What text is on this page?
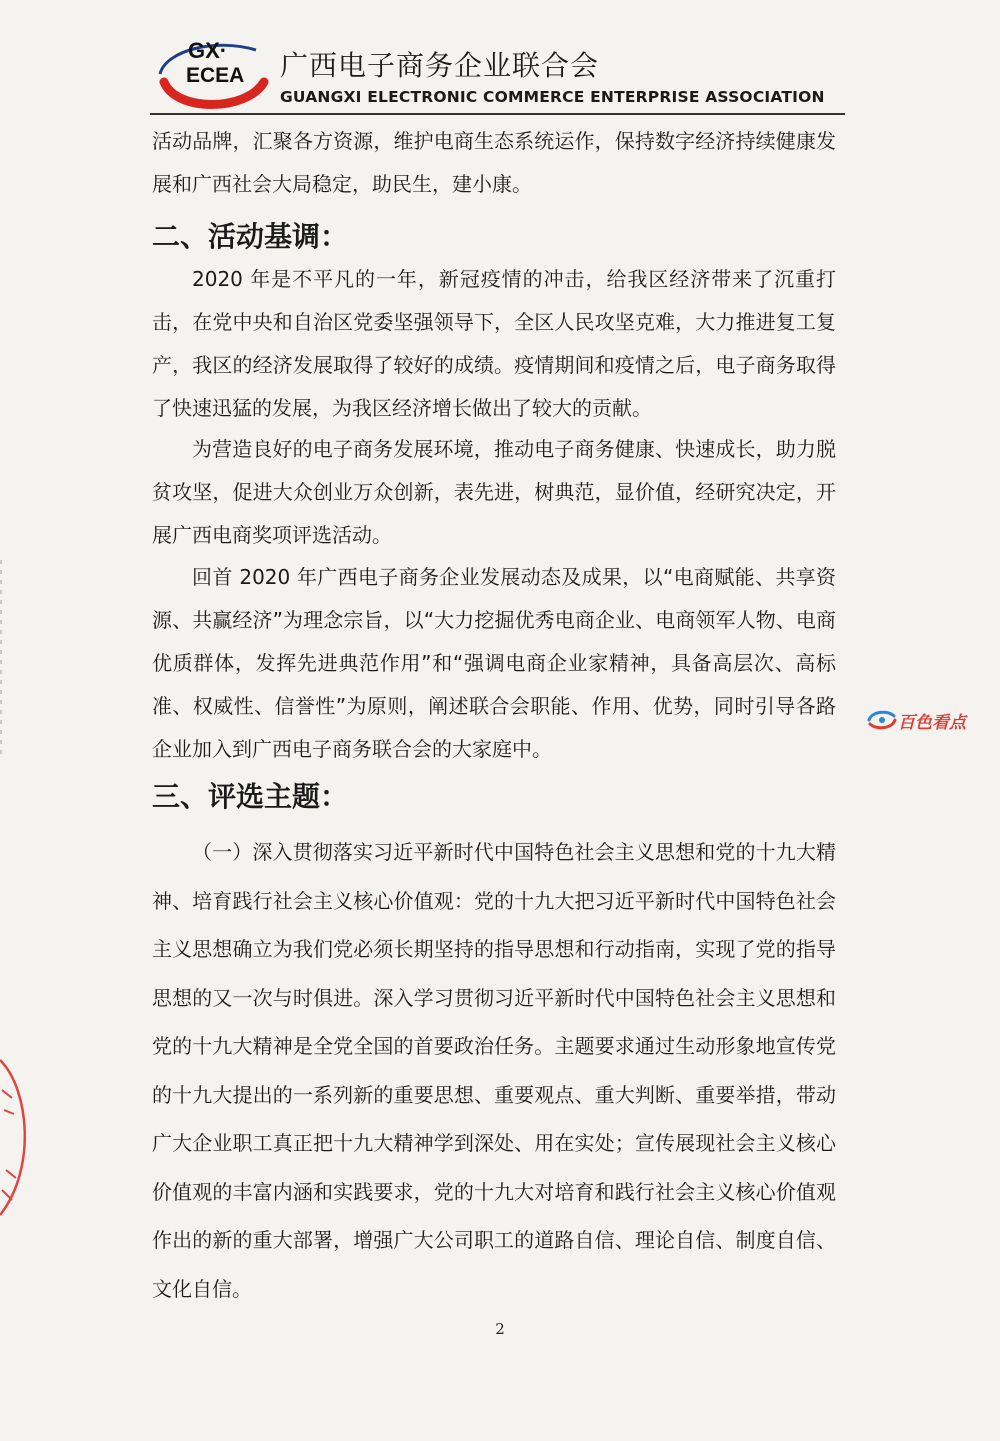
GX·
ECEA 广西电子商务企业联合会
GUANGXI ELECTRONIC COMMERCE ENTERPRISE ASSOCIATION

活动品牌，汇聚各方资源，维护电商生态系统运作，保持数字经济持续健康发展和广西社会大局稳定，助民生，建小康。

二、活动基调：

2020 年是不平凡的一年，新冠疫情的冲击，给我区经济带来了沉重打击，在党中央和自治区党委坚强领导下，全区人民攻坚克难，大力推进复工复产，我区的经济发展取得了较好的成绩。疫情期间和疫情之后，电子商务取得了快速迅猛的发展，为我区经济增长做出了较大的贡献。

为营造良好的电子商务发展环境，推动电子商务健康、快速成长，助力脱贫攻坚，促进大众创业万众创新，表先进，树典范，显价值，经研究决定，开展广西电商奖项评选活动。

回首 2020 年广西电子商务企业发展动态及成果，以“电商赋能、共享资源、共赢经济”为理念宗旨，以“大力挖掘优秀电商企业、电商领军人物、电商优质群体，发挥先进典范作用”和“强调电商企业家精神，具备高层次、高标准、权威性、信誉性”为原则，阐述联合会职能、作用、优势，同时引导各路企业加入到广西电子商务联合会的大家庭中。

三、评选主题：

（一）深入贯彻落实习近平新时代中国特色社会主义思想和党的十九大精神、培育践行社会主义核心价值观：党的十九大把习近平新时代中国特色社会主义思想确立为我们党必须长期坚持的指导思想和行动指南，实现了党的指导思想的又一次与时俱进。深入学习贯彻习近平新时代中国特色社会主义思想和党的十九大精神是全党全国的首要政治任务。主题要求通过生动形象地宣传党的十九大提出的一系列新的重要思想、重要观点、重大判断、重要举措，带动广大企业职工真正把十九大精神学到深处、用在实处；宣传展现社会主义核心价值观的丰富内涵和实践要求，党的十九大对培育和践行社会主义核心价值观作出的新的重大部署，增强广大公司职工的道路自信、理论自信、制度自信、文化自信。

2
百色看点
